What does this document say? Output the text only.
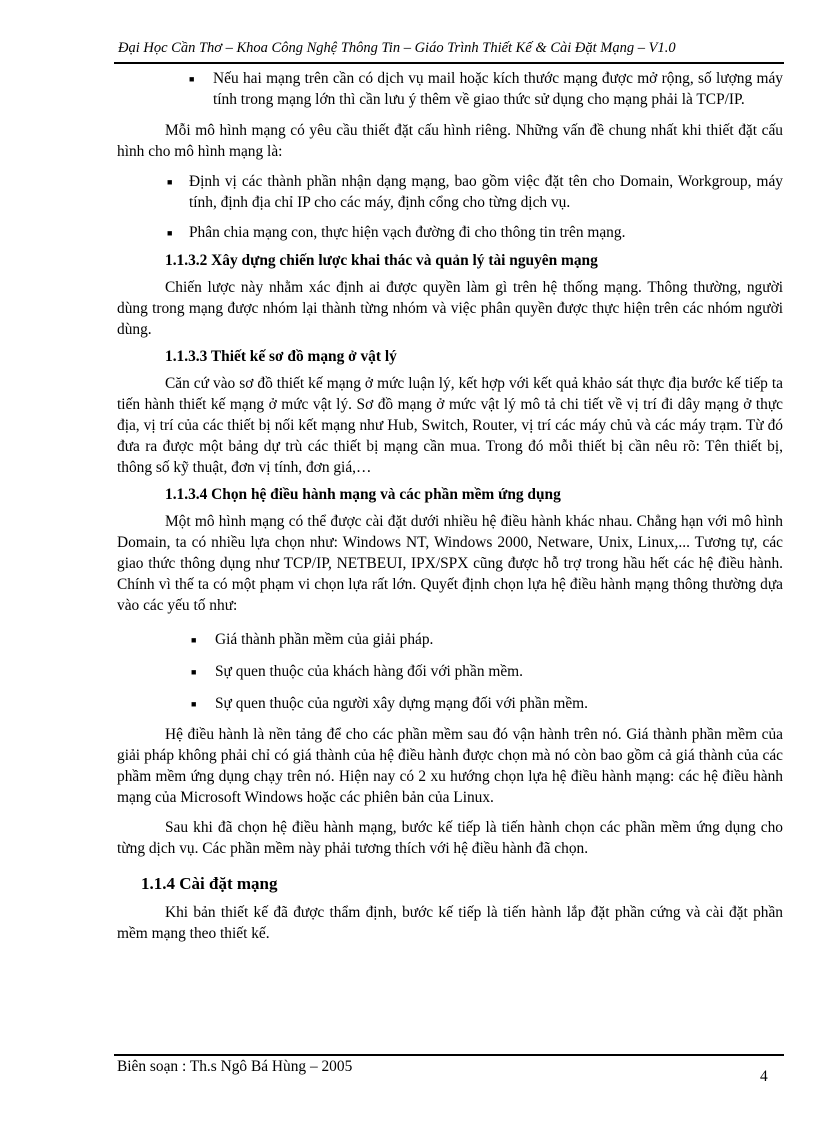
Đại Học Cần Thơ – Khoa Công Nghệ Thông Tin – Giáo Trình Thiết Kế & Cài Đặt Mạng – V1.0
■ Nếu hai mạng trên cần có dịch vụ mail hoặc kích thước mạng được mở rộng, số lượng máy tính trong mạng lớn thì cần lưu ý thêm về giao thức sử dụng cho mạng phải là TCP/IP.

Mỗi mô hình mạng có yêu cầu thiết đặt cấu hình riêng. Những vấn đề chung nhất khi thiết đặt cấu hình cho mô hình mạng là:

■ Định vị các thành phần nhận dạng mạng, bao gồm việc đặt tên cho Domain, Workgroup, máy tính, định địa chỉ IP cho các máy, định cổng cho từng dịch vụ.
■ Phân chia mạng con, thực hiện vạch đường đi cho thông tin trên mạng.
1.1.3.2 Xây dựng chiến lược khai thác và quản lý tài nguyên mạng

Chiến lược này nhằm xác định ai được quyền làm gì trên hệ thống mạng. Thông thường, người dùng trong mạng được nhóm lại thành từng nhóm và việc phân quyền được thực hiện trên các nhóm người dùng.

1.1.3.3 Thiết kế sơ đồ mạng ở vật lý

Căn cứ vào sơ đồ thiết kế mạng ở mức luận lý, kết hợp với kết quả khảo sát thực địa bước kế tiếp ta tiến hành thiết kế mạng ở mức vật lý. Sơ đồ mạng ở mức vật lý mô tả chi tiết về vị trí đi dây mạng ở thực địa, vị trí của các thiết bị nối kết mạng như Hub, Switch, Router, vị trí các máy chủ và các máy trạm. Từ đó đưa ra được một bảng dự trù các thiết bị mạng cần mua. Trong đó mỗi thiết bị cần nêu rõ: Tên thiết bị, thông số kỹ thuật, đơn vị tính, đơn giá,…

1.1.3.4 Chọn hệ điều hành mạng và các phần mềm ứng dụng

Một mô hình mạng có thể được cài đặt dưới nhiều hệ điều hành khác nhau. Chẳng hạn với mô hình Domain, ta có nhiều lựa chọn như: Windows NT, Windows 2000, Netware, Unix, Linux,... Tương tự, các giao thức thông dụng như TCP/IP, NETBEUI, IPX/SPX cũng được hỗ trợ trong hầu hết các hệ điều hành. Chính vì thế ta có một phạm vi chọn lựa rất lớn. Quyết định chọn lựa hệ điều hành mạng thông thường dựa vào các yếu tố như:

■ Giá thành phần mềm của giải pháp.
■ Sự quen thuộc của khách hàng đối với phần mềm.
■ Sự quen thuộc của người xây dựng mạng đối với phần mềm.

Hệ điều hành là nền tảng để cho các phần mềm sau đó vận hành trên nó. Giá thành phần mềm của giải pháp không phải chỉ có giá thành của hệ điều hành được chọn mà nó còn bao gồm cả giá thành của các phầm mềm ứng dụng chạy trên nó. Hiện nay có 2 xu hướng chọn lựa hệ điều hành mạng: các hệ điều hành mạng của Microsoft Windows hoặc các phiên bản của Linux.

Sau khi đã chọn hệ điều hành mạng, bước kế tiếp là tiến hành chọn các phần mềm ứng dụng cho từng dịch vụ. Các phần mềm này phải tương thích với hệ điều hành đã chọn.

1.1.4 Cài đặt mạng

Khi bản thiết kế đã được thẩm định, bước kế tiếp là tiến hành lắp đặt phần cứng và cài đặt phần mềm mạng theo thiết kế.

Biên soạn : Th.s Ngô Bá Hùng – 2005
4
